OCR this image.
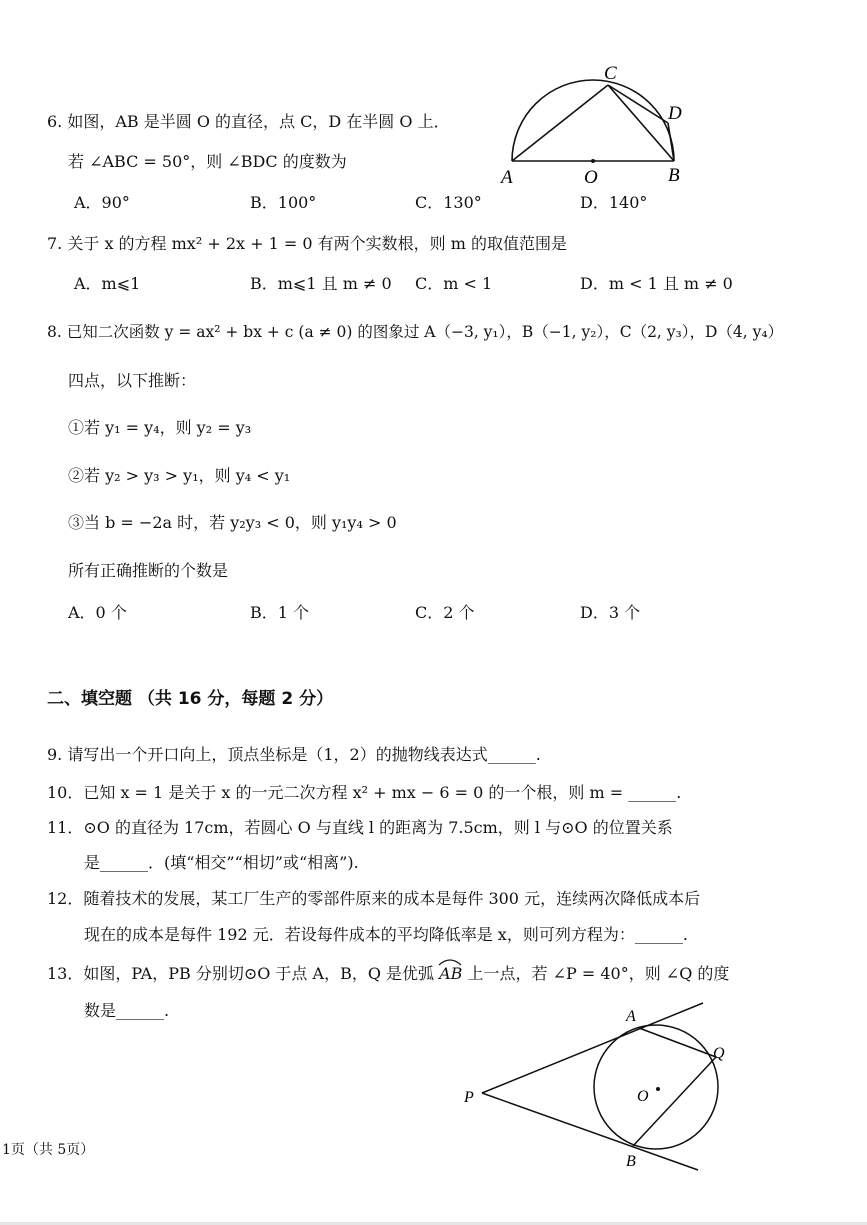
6. 如图，AB 是半圆 O 的直径，点 C，D 在半圆 O 上．
若 ∠ABC = 50°，则 ∠BDC 的度数为
A．90°	B．100°	C．130°	D．140°
A	O	B
C
D
7. 关于 x 的方程 mx² + 2x + 1 = 0 有两个实数根，则 m 的取值范围是
A．m⩽1	B．m⩽1 且 m ≠ 0 C．m < 1	D．m < 1 且 m ≠ 0
8. 已知二次函数 y = ax² + bx + c (a ≠ 0) 的图象过 A（−3, y₁），B（−1, y₂），C（2, y₃），D（4, y₄）
四点，以下推断：
①若 y₁ = y₄，则 y₂ = y₃
②若 y₂ > y₃ > y₁，则 y₄ < y₁
③当 b = −2a 时，若 y₂y₃ < 0，则 y₁y₄ > 0
所有正确推断的个数是
A．0 个	B．1 个	C．2 个	D．3 个
二、填空题 （共 16 分，每题 2 分）
9. 请写出一个开口向上，顶点坐标是（1，2）的抛物线表达式______.
10．已知 x = 1 是关于 x 的一元二次方程 x² + mx − 6 = 0 的一个根，则 m = ______.
11．⊙O 的直径为 17cm，若圆心 O 与直线 l 的距离为 7.5cm，则 l 与⊙O 的位置关系
是______．(填“相交”“相切”或“相离”).
12．随着技术的发展，某工厂生产的零部件原来的成本是每件 300 元，连续两次降低成本后
现在的成本是每件 192 元．若设每件成本的平均降低率是 x，则可列方程为：______.
13．如图，PA，PB 分别切⊙O 于点 A，B，Q 是优弧
AB 上一点，若 ∠P = 40°，则 ∠Q 的度
数是______.	A
Q
P	O
B
1页（共 5页）
